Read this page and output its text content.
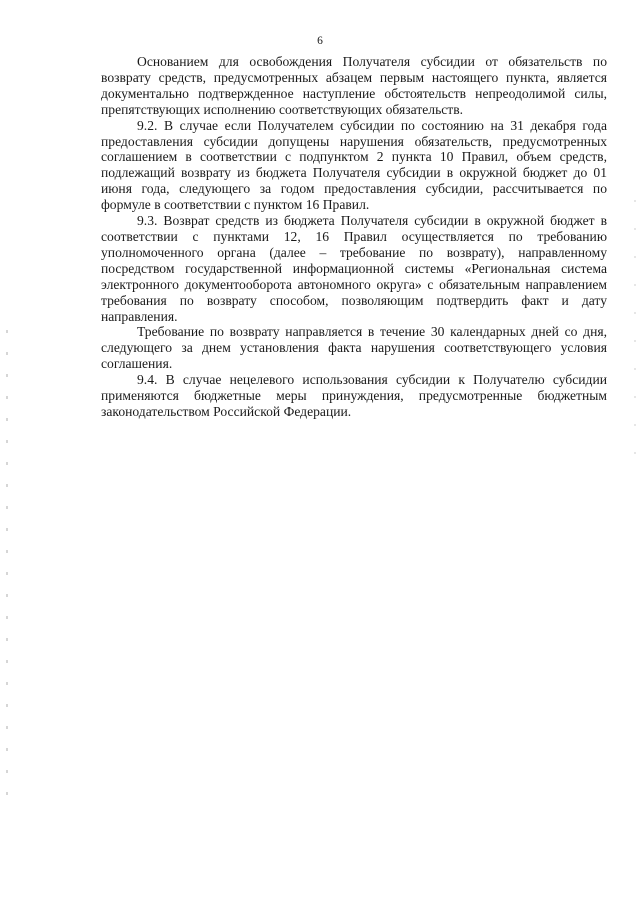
6

Основанием для освобождения Получателя субсидии от обязательств по возврату средств, предусмотренных абзацем первым настоящего пункта, является документально подтвержденное наступление обстоятельств непреодолимой силы, препятствующих исполнению соответствующих обязательств.

9.2. В случае если Получателем субсидии по состоянию на 31 декабря года предоставления субсидии допущены нарушения обязательств, предусмотренных соглашением в соответствии с подпунктом 2 пункта 10 Правил, объем средств, подлежащий возврату из бюджета Получателя субсидии в окружной бюджет до 01 июня года, следующего за годом предоставления субсидии, рассчитывается по формуле в соответствии с пунктом 16 Правил.

9.3. Возврат средств из бюджета Получателя субсидии в окружной бюджет в соответствии с пунктами 12, 16 Правил осуществляется по требованию уполномоченного органа (далее – требование по возврату), направленному посредством государственной информационной системы «Региональная система электронного документооборота автономного округа» с обязательным направлением требования по возврату способом, позволяющим подтвердить факт и дату направления.

Требование по возврату направляется в течение 30 календарных дней со дня, следующего за днем установления факта нарушения соответствующего условия соглашения.

9.4. В случае нецелевого использования субсидии к Получателю субсидии применяются бюджетные меры принуждения, предусмотренные бюджетным законодательством Российской Федерации.
